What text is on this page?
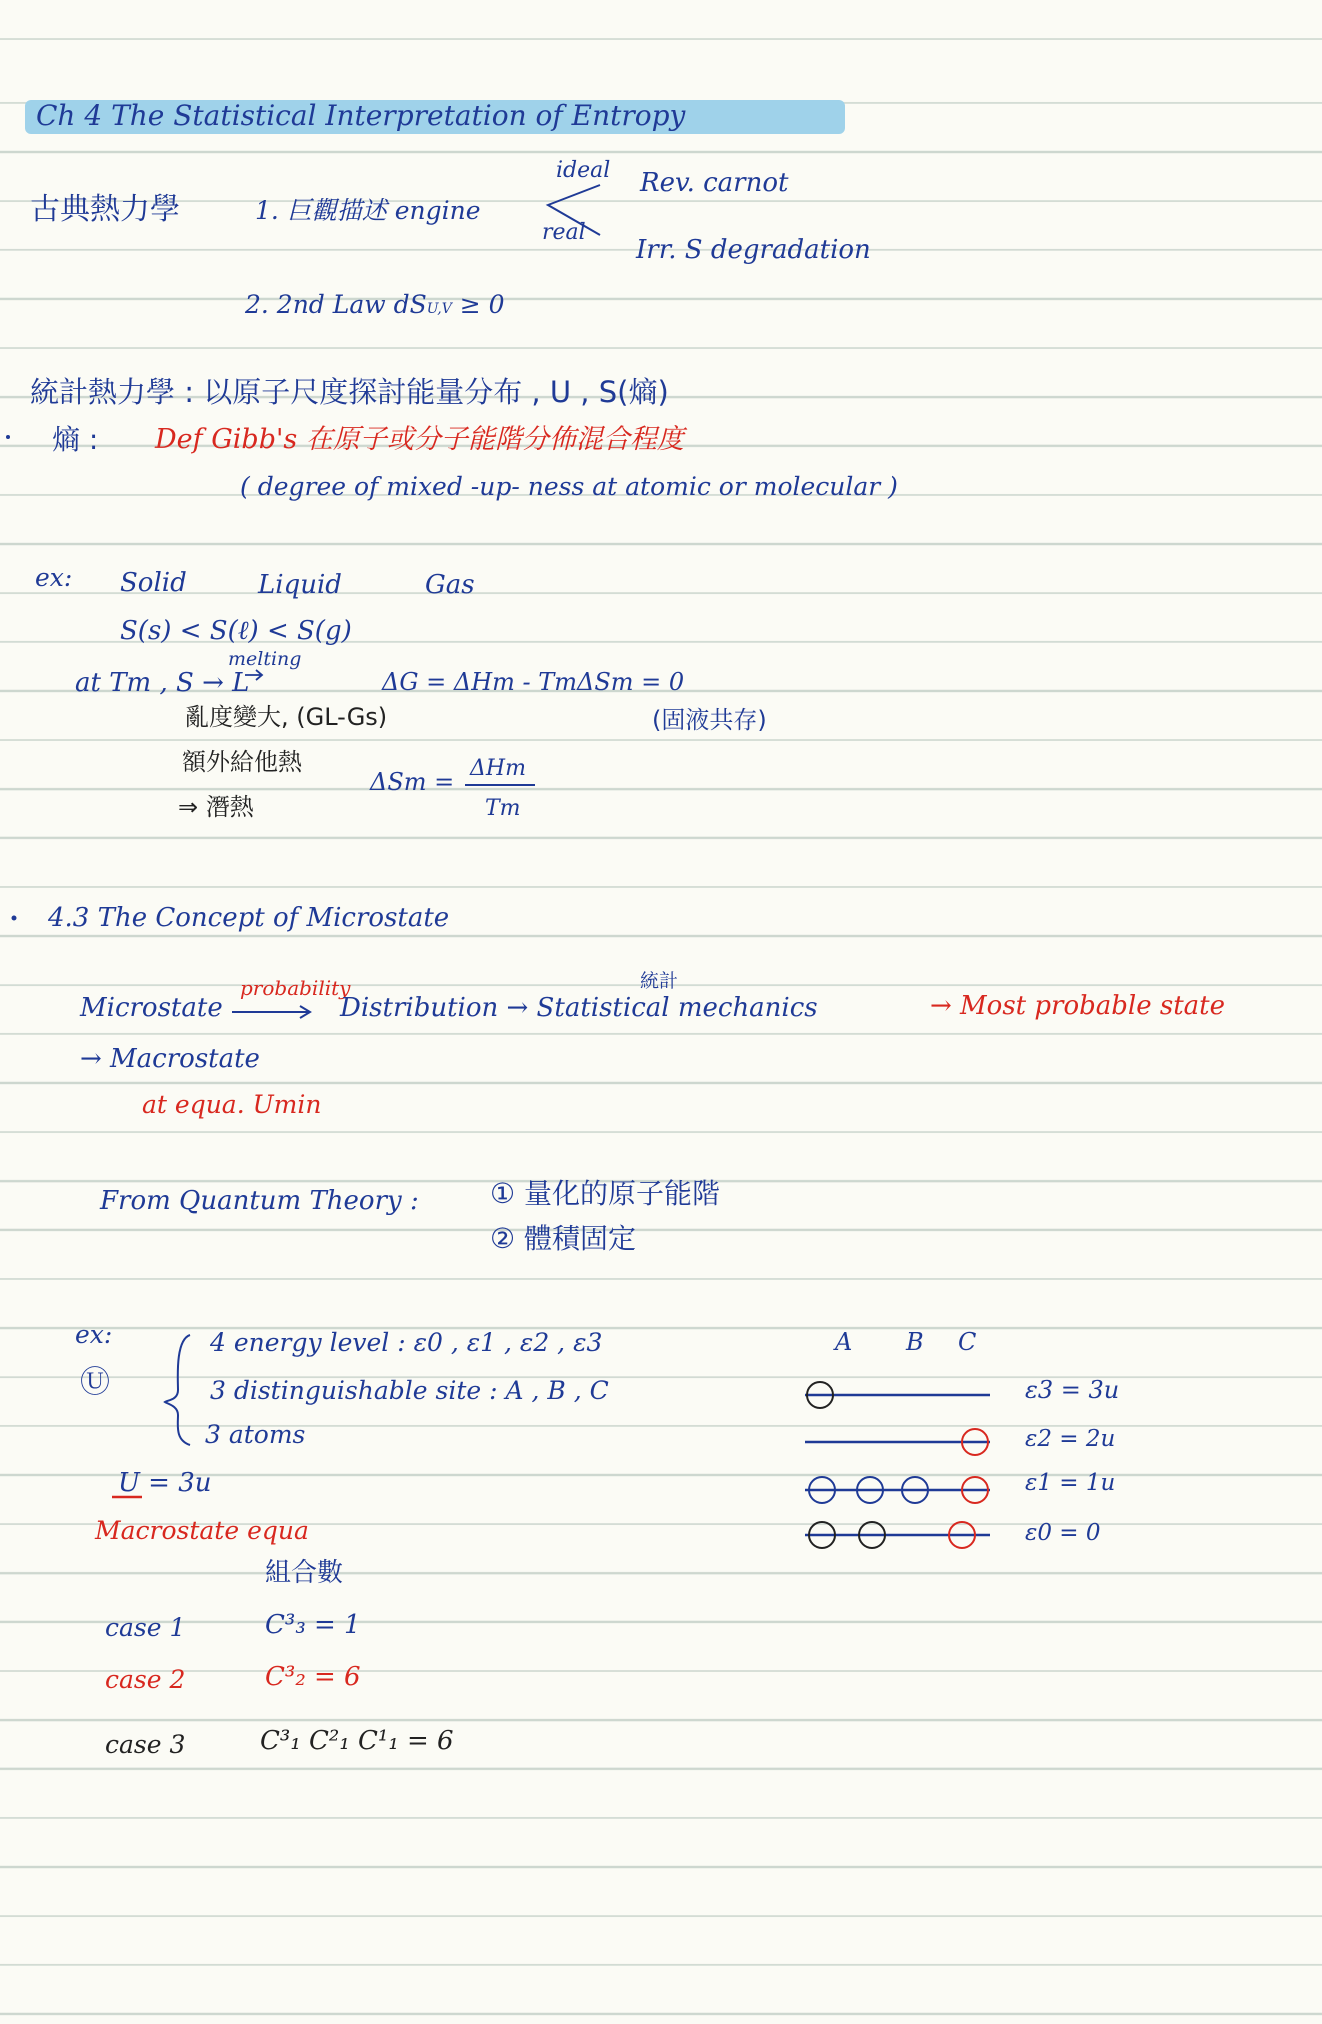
Ch 4 The Statistical Interpretation of Entropy
古典熱力學	1. 巨觀描述 engine
ideal
real
Rev. carnot
Irr. S degradation
2. 2nd Law dSU,V ≥ 0
統計熱力學 : 以原子尺度探討能量分布 , U , S(熵)
熵 : Def Gibb's 在原子或分子能階分佈混合程度
( degree of mixed -up- ness at atomic or molecular )
ex: Solid	Liquid	Gas
S(s) < S(ℓ) < S(g)
melting
at Tm , S → L	ΔG = ΔHm - TmΔSm = 0
亂度變大, (GL-Gs)	(固液共存)
額外給他熱
⇒ 潛熱
ΔSm = ΔHm
Tm
4.3 The Concept of Microstate
Microstate
probability	統計
Distribution → Statistical mechanics	→ Most probable state
→ Macrostate
at equa. Umin
From Quantum Theory :	① 量化的原子能階
② 體積固定
ex:
Ⓤ
4 energy level : ε0 , ε1 , ε2 , ε3
3 distinguishable site : A , B , C
3 atoms
U = 3u
Macrostate equa
組合數
case 1	C³₃ = 1
case 2	C³₂ = 6
case 3	C³₁ C²₁ C¹₁ = 6
A B C
ε3 = 3u
ε2 = 2u
ε1 = 1u
ε0 = 0
